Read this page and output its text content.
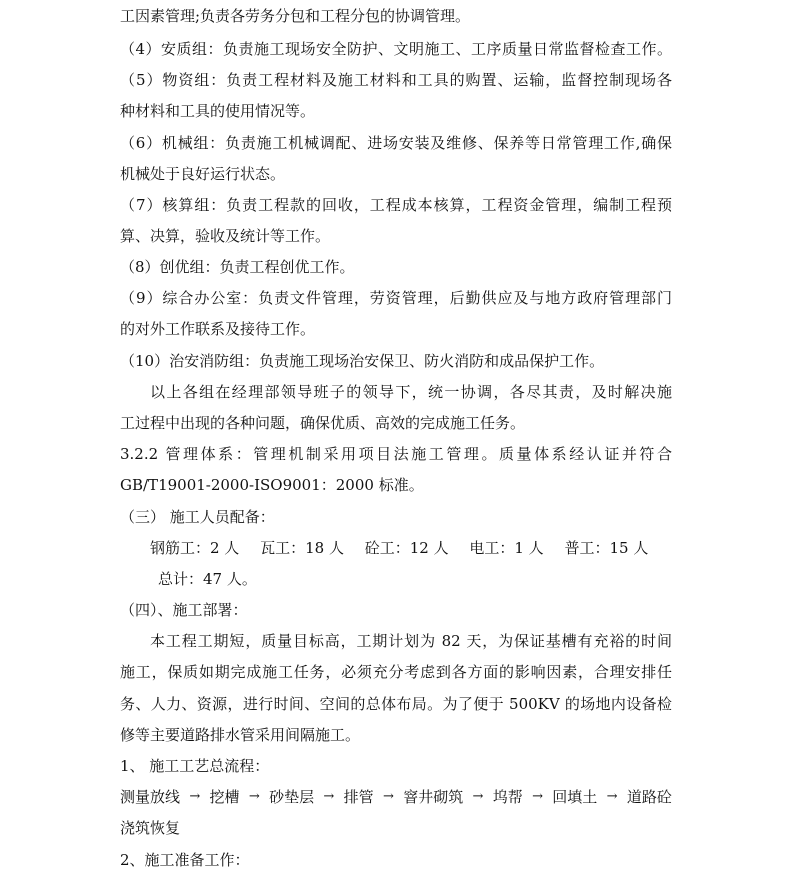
工因素管理;负责各劳务分包和工程分包的协调管理。
（4）安质组：负责施工现场安全防护、文明施工、工序质量日常监督检查工作。
（5）物资组：负责工程材料及施工材料和工具的购置、运输，监督控制现场各
种材料和工具的使用情况等。
（6）机械组：负责施工机械调配、进场安装及维修、保养等日常管理工作,确保
机械处于良好运行状态。
（7）核算组：负责工程款的回收，工程成本核算，工程资金管理，编制工程预
算、决算，验收及统计等工作。
（8）创优组：负责工程创优工作。
（9）综合办公室：负责文件管理，劳资管理，后勤供应及与地方政府管理部门
的对外工作联系及接待工作。
（10）治安消防组：负责施工现场治安保卫、防火消防和成品保护工作。
以上各组在经理部领导班子的领导下，统一协调，各尽其责，及时解决施
工过程中出现的各种问题，确保优质、高效的完成施工任务。
3.2.2 管理体系：管理机制采用项目法施工管理。质量体系经认证并符合
GB/T19001-2000-ISO9001：2000 标准。
（三） 施工人员配备：
钢筋工：2 人 瓦工：18 人 砼工：12 人 电工：1 人 普工：15 人
总计：47 人。
（四）、施工部署：
本工程工期短，质量目标高，工期计划为 82 天，为保证基槽有充裕的时间
施工，保质如期完成施工任务，必须充分考虑到各方面的影响因素，合理安排任
务、人力、资源，进行时间、空间的总体布局。为了便于 500KV 的场地内设备检
修等主要道路排水管采用间隔施工。
1、 施工工艺总流程：
测量放线 → 挖槽 → 砂垫层 → 排管 → 窨井砌筑 → 坞帮 → 回填土 → 道路砼
浇筑恢复
2、施工准备工作：
